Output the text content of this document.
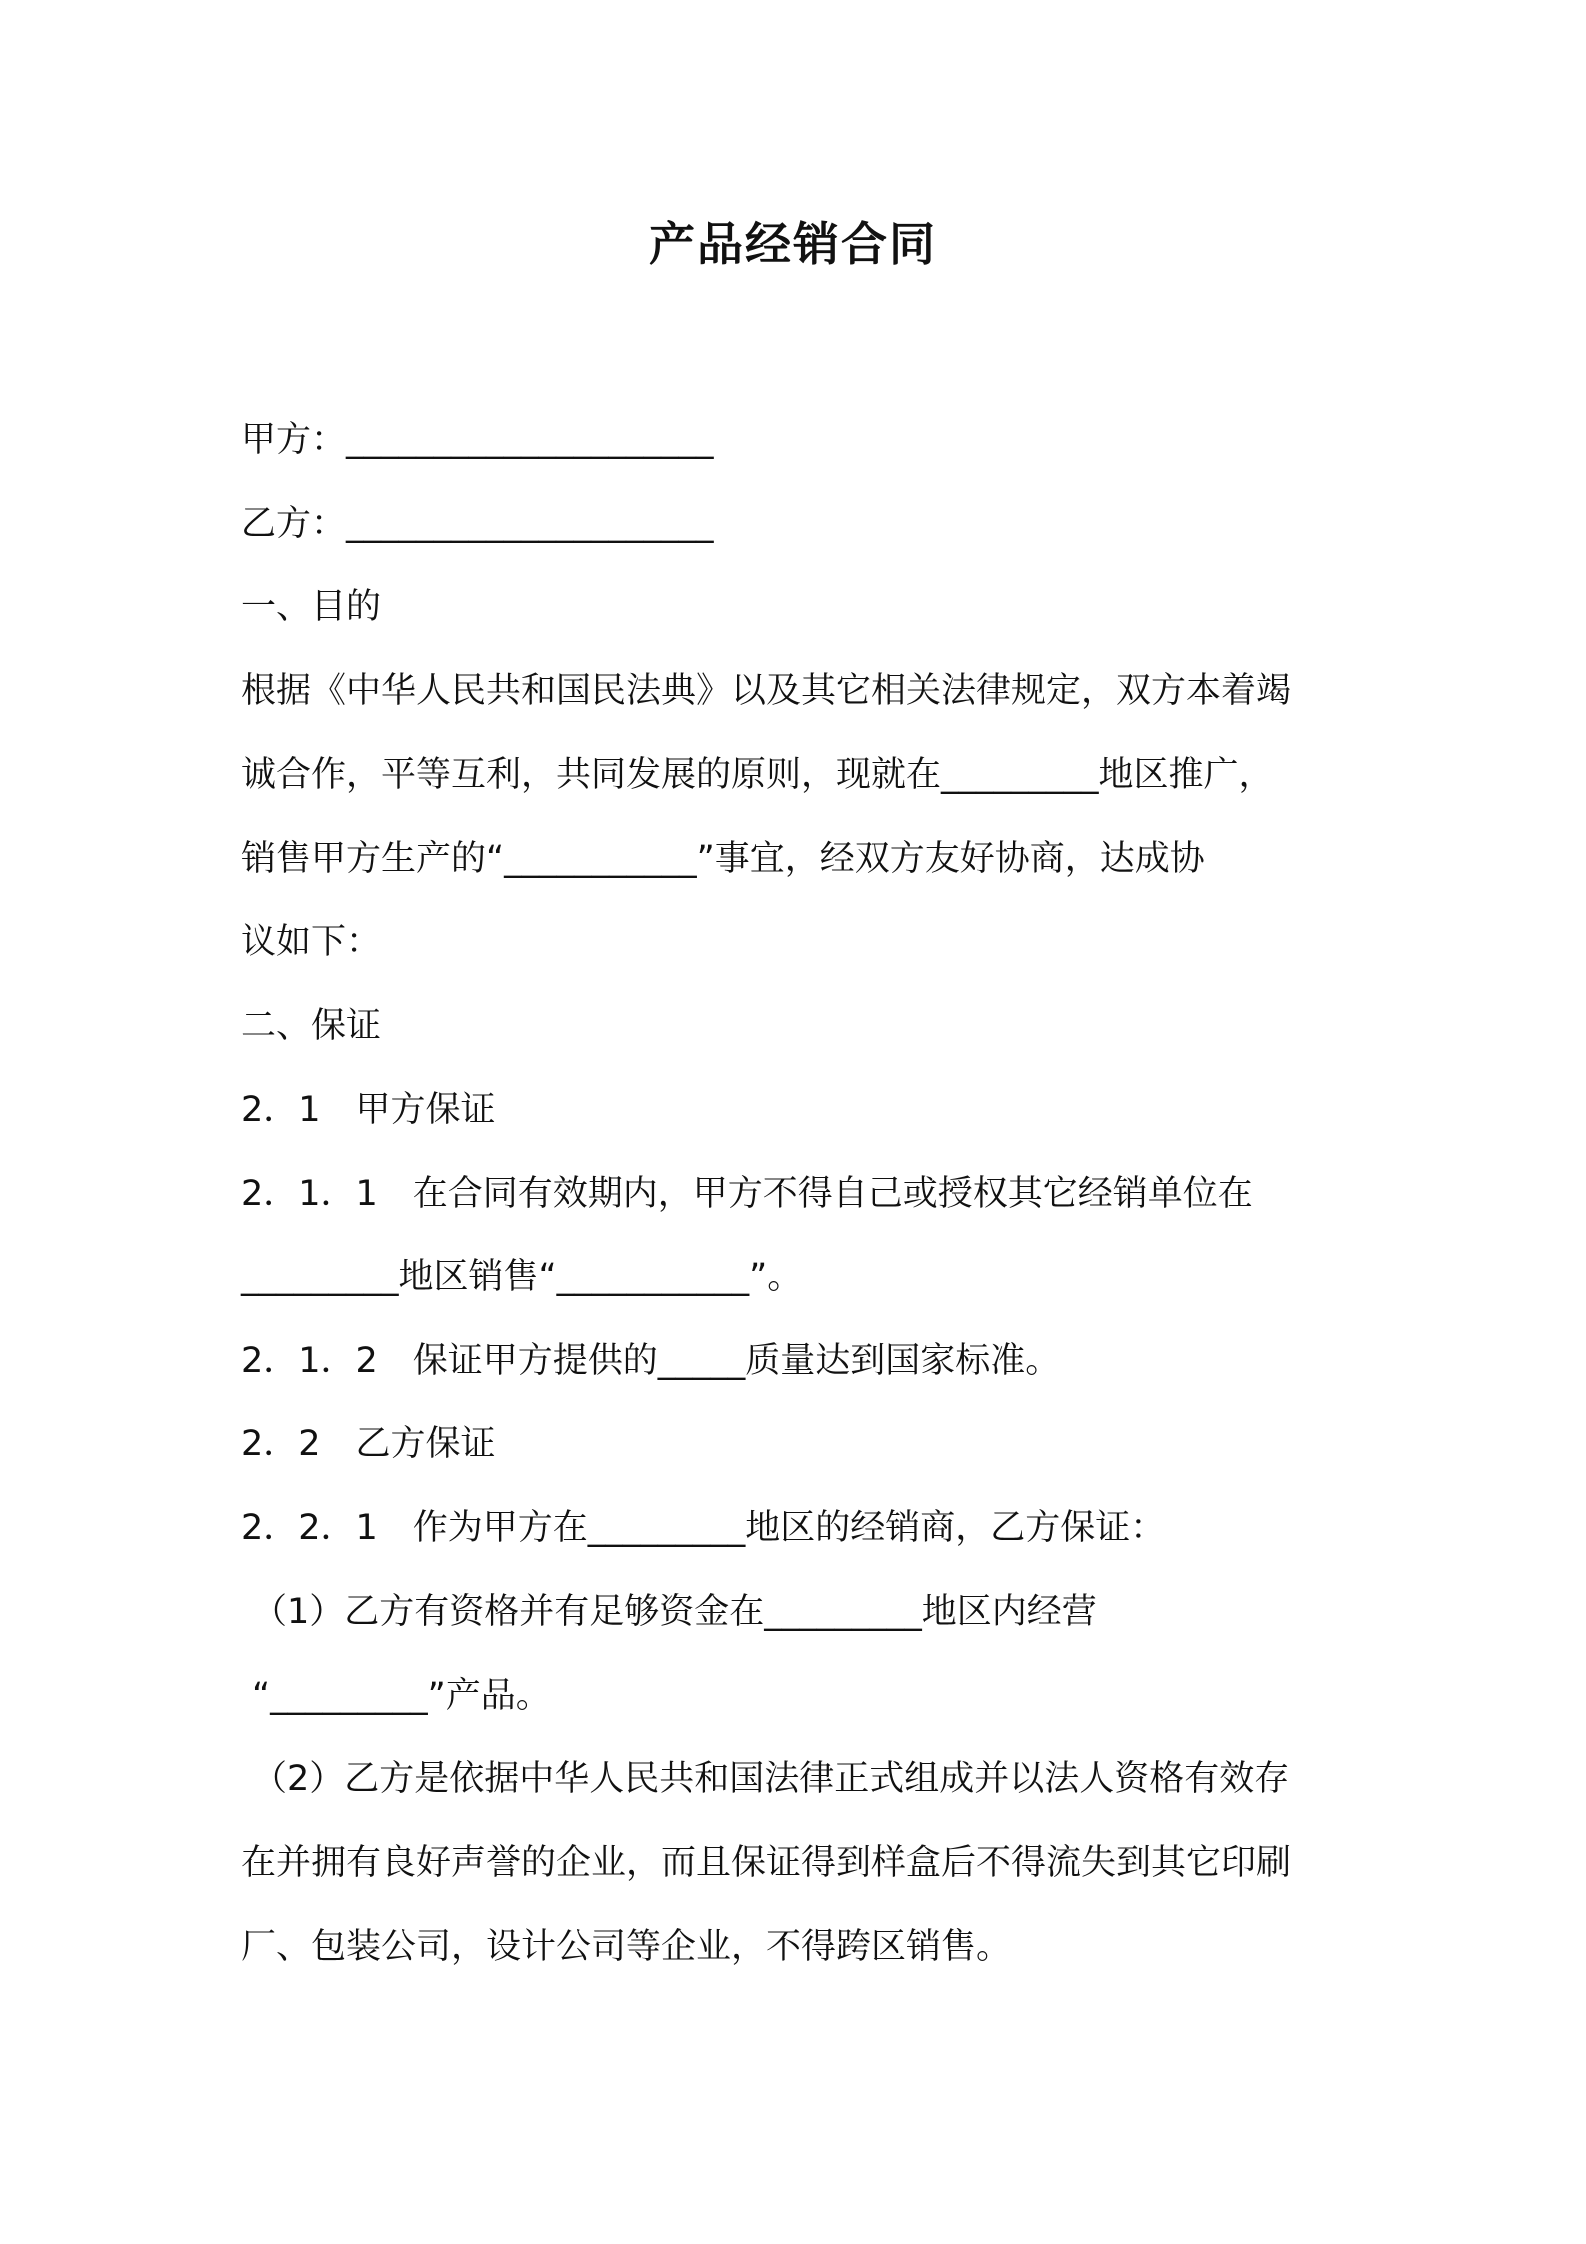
产品经销合同
甲方：_____________________
乙方：_____________________
一、目的
根据《中华人民共和国民法典》以及其它相关法律规定，双方本着竭
诚合作，平等互利，共同发展的原则，现就在_________地区推广，
销售甲方生产的“___________”事宜，经双方友好协商，达成协
议如下：
二、保证
2．1　甲方保证
2．1．1　在合同有效期内，甲方不得自己或授权其它经销单位在
_________地区销售“___________”。
2．1．2　保证甲方提供的_____质量达到国家标准。
2．2　乙方保证
2．2．1　作为甲方在_________地区的经销商，乙方保证：
（1）乙方有资格并有足够资金在_________地区内经营
“_________”产品。
（2）乙方是依据中华人民共和国法律正式组成并以法人资格有效存
在并拥有良好声誉的企业，而且保证得到样盒后不得流失到其它印刷
厂、包装公司，设计公司等企业，不得跨区销售。
